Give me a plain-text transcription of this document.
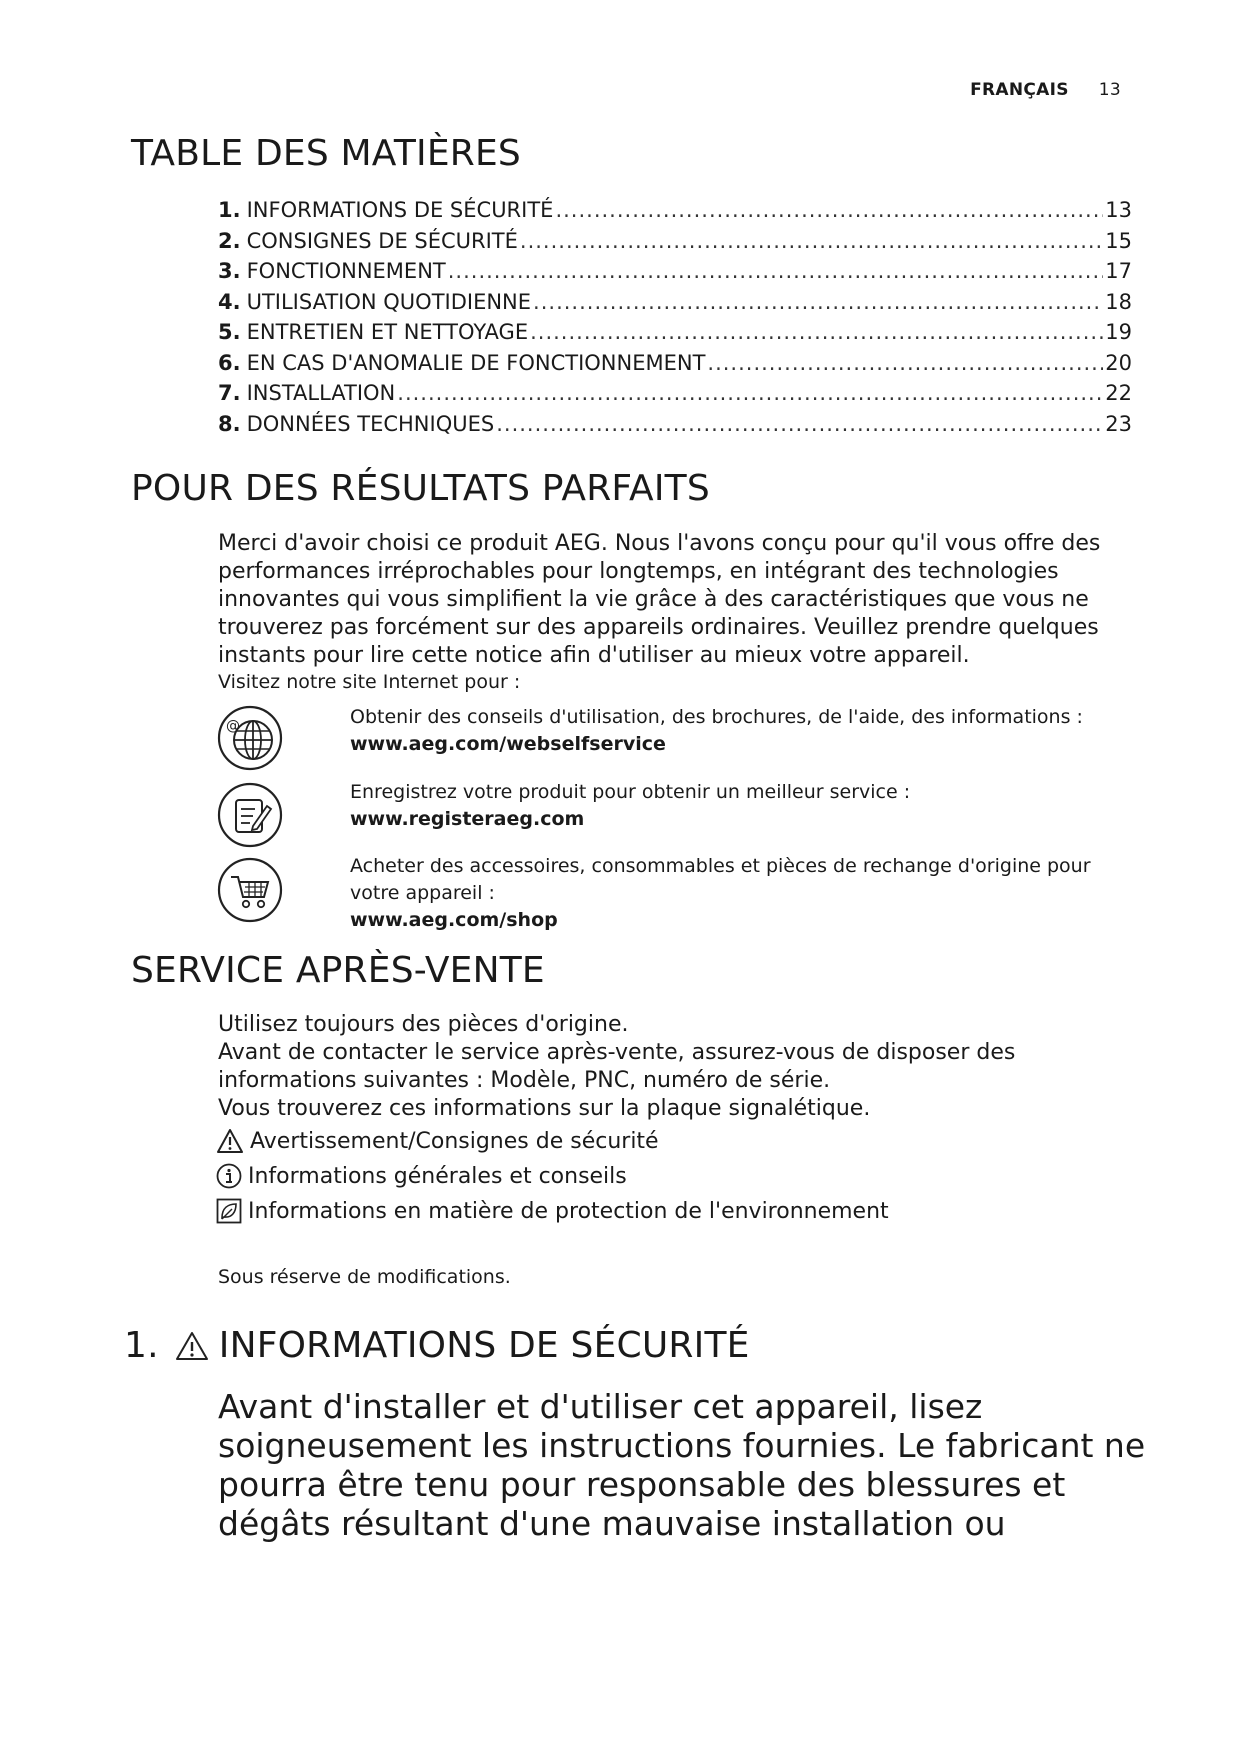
FRANÇAIS 13
TABLE DES MATIÈRES
1. INFORMATIONS DE SÉCURITÉ .....	13
2. CONSIGNES DE SÉCURITÉ .....	15
3. FONCTIONNEMENT .....	17
4. UTILISATION QUOTIDIENNE .....	18
5. ENTRETIEN ET NETTOYAGE .....	19
6. EN CAS D'ANOMALIE DE FONCTIONNEMENT .....	20
7. INSTALLATION .....	22
8. DONNÉES TECHNIQUES .....	23
POUR DES RÉSULTATS PARFAITS
Merci d'avoir choisi ce produit AEG. Nous l'avons conçu pour qu'il vous offre des performances irréprochables pour longtemps, en intégrant des technologies innovantes qui vous simplifient la vie grâce à des caractéristiques que vous ne trouverez pas forcément sur des appareils ordinaires. Veuillez prendre quelques instants pour lire cette notice afin d'utiliser au mieux votre appareil.
Visitez notre site Internet pour :
@	Obtenir des conseils d'utilisation, des brochures, de l'aide, des informations :
www.aeg.com/webselfservice
Enregistrez votre produit pour obtenir un meilleur service :
www.registeraeg.com
Acheter des accessoires, consommables et pièces de rechange d'origine pour votre appareil :
www.aeg.com/shop
SERVICE APRÈS-VENTE
Utilisez toujours des pièces d'origine.
Avant de contacter le service après-vente, assurez-vous de disposer des informations suivantes : Modèle, PNC, numéro de série.
Vous trouverez ces informations sur la plaque signalétique.
Avertissement/Consignes de sécurité
Informations générales et conseils
Informations en matière de protection de l'environnement
Sous réserve de modifications.
1. INFORMATIONS DE SÉCURITÉ
Avant d'installer et d'utiliser cet appareil, lisez soigneusement les instructions fournies. Le fabricant ne pourra être tenu pour responsable des blessures et dégâts résultant d'une mauvaise installation ou
